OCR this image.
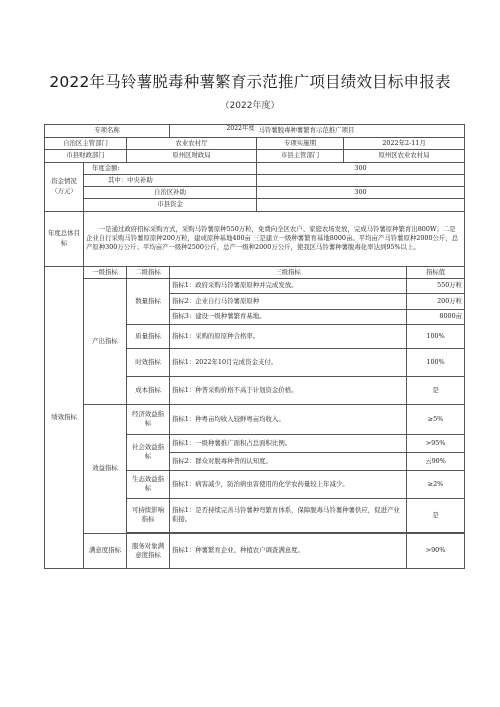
2022年马铃薯脱毒种薯繁育示范推广项目绩效目标申报表
（2022年度）
专项名称			2022年度	马铃薯脱毒种薯繁育示范推广项目		
自治区主管部门		农业农村厅		专项实施期	2022年2-11月	
市县财政部门		原州区财政局		市县主管部门	原州区农业农村局	
资金情况（万元）	年度金额:			300		
	其中：中央补助					
	自治区补助			300		
	市县资金					
年度总体目标	一是通过政府招标采购方式，采购马铃薯原种550万粒，免费向全区农户、家庭农场发放，完成马铃薯原种繁育出800W；二是企业自行采购马铃薯原原种200万粒，建成原种基地400亩 三是建立一级种薯繁育基地8000亩。平均亩产马铃薯原种2000公斤，总产原种300万公斤；平均亩产一级种2500公斤，总产一级种2000万公斤，使我区马铃薯种薯脱毒化率达到95%以上。					
绩效指标	一级指标	二级指标	三级指标			指标值
	产出指标	数量指标	指标1：政府采购马铃薯原原种并完成发放。			550万粒
			指标2：企业自行马铃薯原原种			200万粒
			指标3：建设一级种薯繁育基地。			8000亩
		质量指标	指标1：采购的原原种合格率。			100%
		时效指标	指标1：2022年10月完成资金支付。			100%
		成本指标	指标1：种普采购价格不高于计划资金价格。			是
	效益指标	经济效益指标	指标1：种粤亩均收入较鲜粤亩均收入。			≥5%
		社会效益指标	指标1：一级种薯推广面积占总面积比例。			>95%
			指标2：群众对脱毒种普的认知度。			云90%
		生态效益指标	指标1：病害减少，防治病虫害使用的化学农药量较上年减少。			≥2%
		可持续影响指标	指标1：是否持续完善马铃薯种弯繁育体系，保障脱毒马铃薯种薯供应，促进产业衔接。			是

	满意度指标	服务对象满意度指标	指标1：种薯繁育企业、种植农户调查满意度。			>90%
